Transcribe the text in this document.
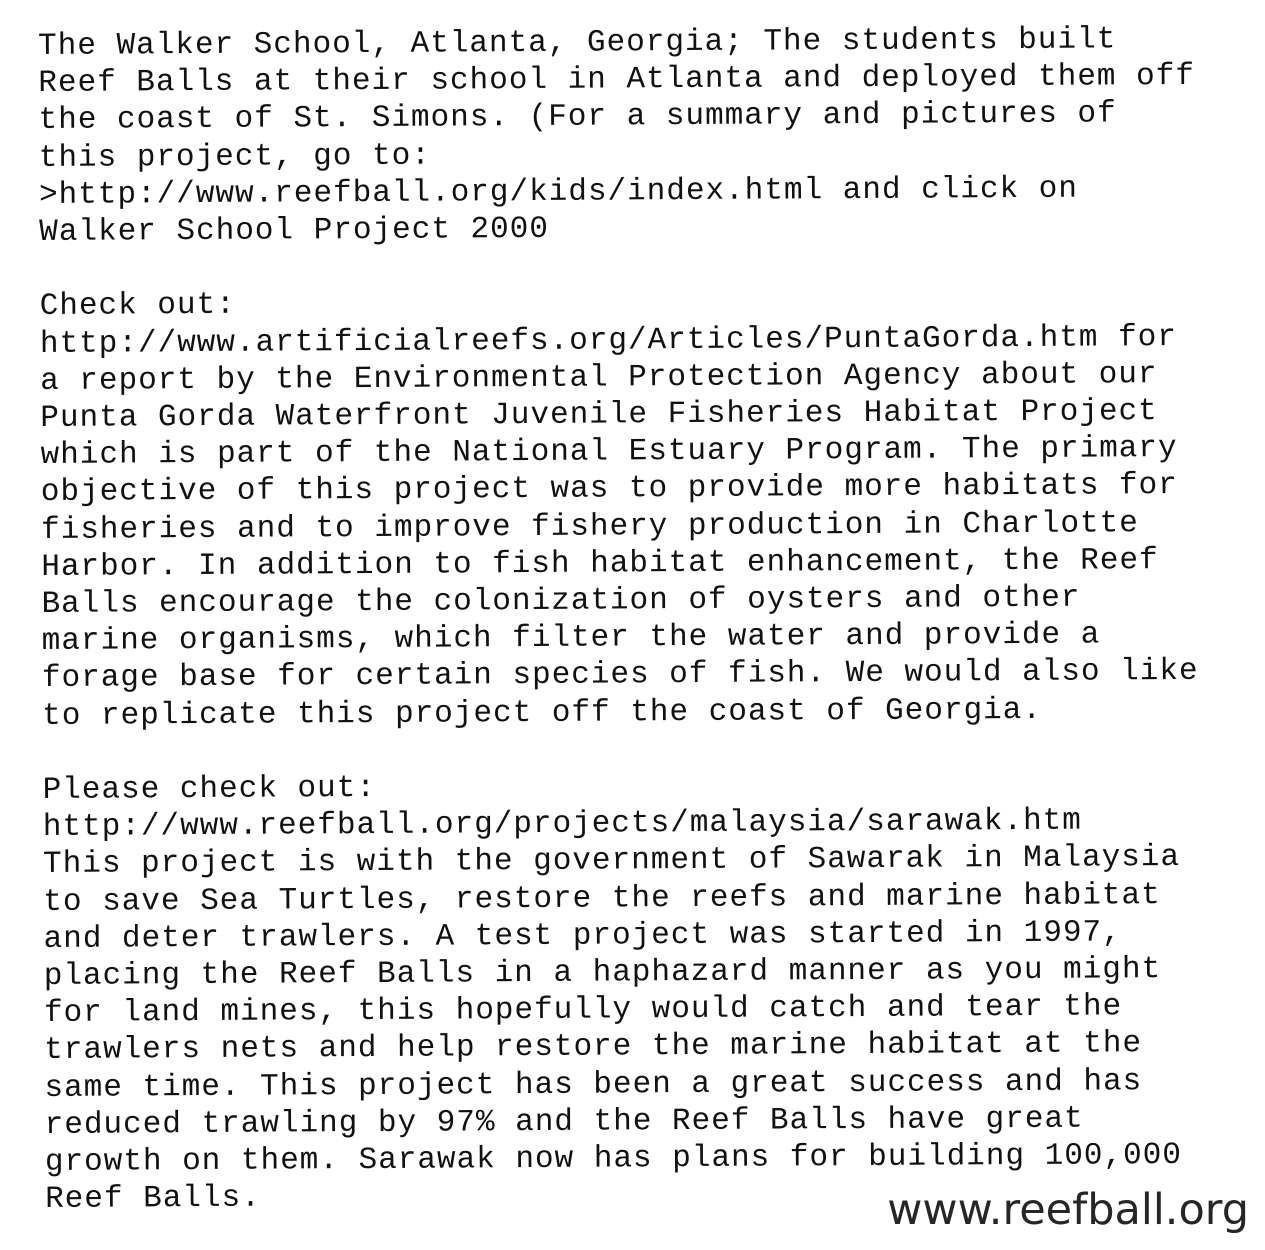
The Walker School, Atlanta, Georgia; The students built
Reef Balls at their school in Atlanta and deployed them off
the coast of St. Simons. (For a summary and pictures of
this project, go to:
>http://www.reefball.org/kids/index.html and click on
Walker School Project 2000
Check out:
http://www.artificialreefs.org/Articles/PuntaGorda.htm for
a report by the Environmental Protection Agency about our
Punta Gorda Waterfront Juvenile Fisheries Habitat Project
which is part of the National Estuary Program. The primary
objective of this project was to provide more habitats for
fisheries and to improve fishery production in Charlotte
Harbor. In addition to fish habitat enhancement, the Reef
Balls encourage the colonization of oysters and other
marine organisms, which filter the water and provide a
forage base for certain species of fish. We would also like
to replicate this project off the coast of Georgia.
Please check out:
http://www.reefball.org/projects/malaysia/sarawak.htm
This project is with the government of Sawarak in Malaysia
to save Sea Turtles, restore the reefs and marine habitat
and deter trawlers. A test project was started in 1997,
placing the Reef Balls in a haphazard manner as you might
for land mines, this hopefully would catch and tear the
trawlers nets and help restore the marine habitat at the
same time. This project has been a great success and has
reduced trawling by 97% and the Reef Balls have great
growth on them. Sarawak now has plans for building 100,000
Reef Balls.	www.reefball.org
